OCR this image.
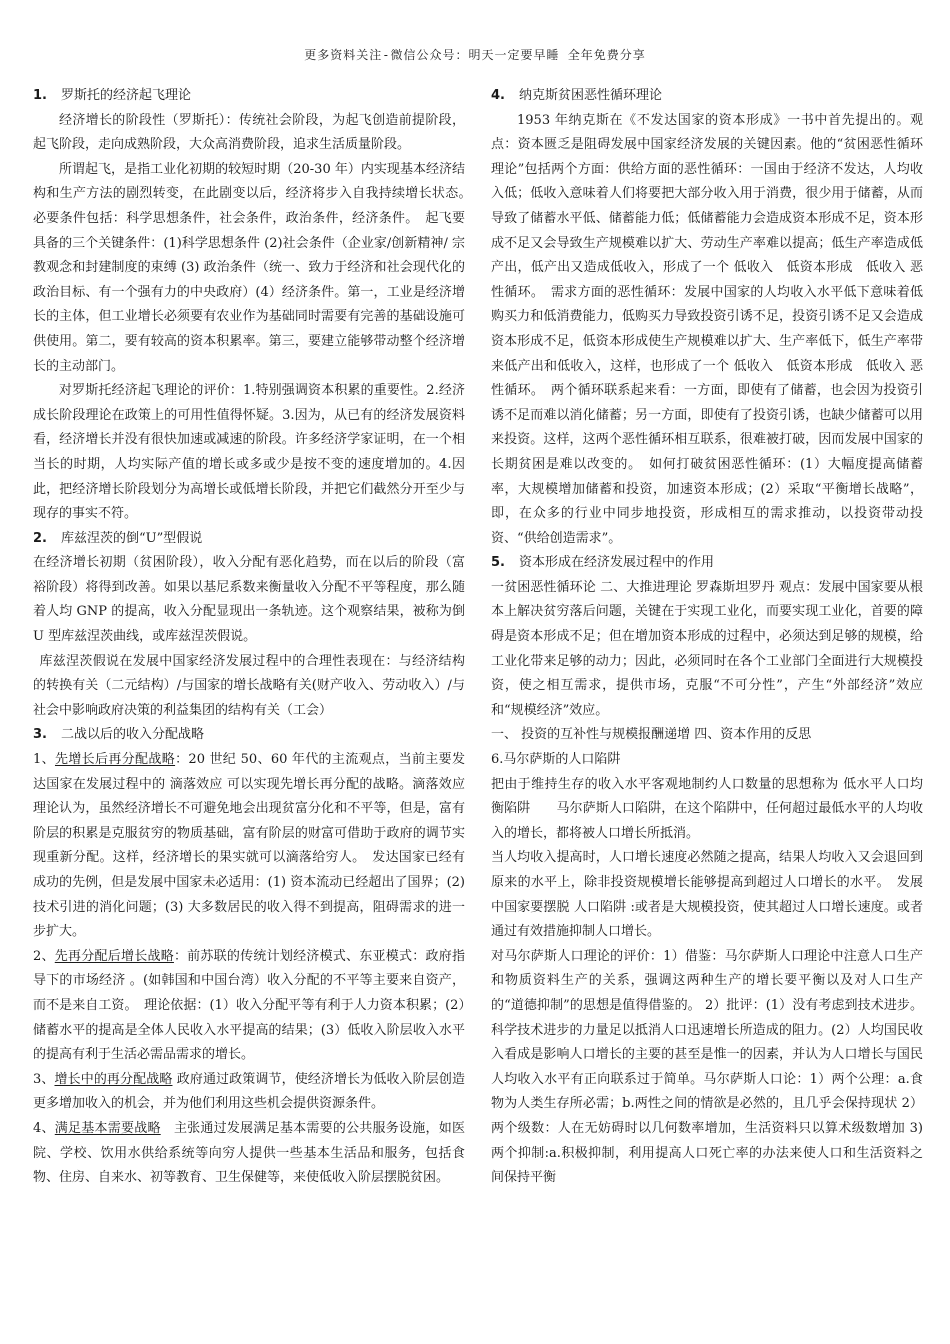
更多资料关注-微信公众号：明天一定要早睡 全年免费分享

1. 罗斯托的经济起飞理论

经济增长的阶段性（罗斯托）：传统社会阶段，为起飞创造前提阶段，起飞阶段，走向成熟阶段，大众高消费阶段，追求生活质量阶段。

所谓起飞，是指工业化初期的较短时期（20-30 年）内实现基本经济结构和生产方法的剧烈转变，在此剧变以后，经济将步入自我持续增长状态。　必要条件包括：科学思想条件，社会条件，政治条件，经济条件。　起飞要具备的三个关键条件：(1)科学思想条件 (2)社会条件（企业家/创新精神/ 宗教观念和封建制度的束缚 (3) 政治条件（统一、致力于经济和社会现代化的政治目标、有一个强有力的中央政府）(4）经济条件。第一，工业是经济增长的主体，但工业增长必须要有农业作为基础同时需要有完善的基础设施可供使用。第二，要有较高的资本积累率。第三，要建立能够带动整个经济增长的主动部门。

对罗斯托经济起飞理论的评价：1.特别强调资本积累的重要性。2.经济成长阶段理论在政策上的可用性值得怀疑。3.因为，从已有的经济发展资料看，经济增长并没有很快加速或减速的阶段。许多经济学家证明，在一个相当长的时期，人均实际产值的增长或多或少是按不变的速度增加的。4.因此，把经济增长阶段划分为高增长或低增长阶段，并把它们截然分开至少与现存的事实不符。

2. 库兹涅茨的倒“U”型假说

在经济增长初期（贫困阶段），收入分配有恶化趋势，而在以后的阶段（富裕阶段）将得到改善。如果以基尼系数来衡量收入分配不平等程度，那么随着人均 GNP 的提高，收入分配显现出一条轨迹。这个观察结果，被称为倒 U 型库兹涅茨曲线，或库兹涅茨假说。

库兹涅茨假说在发展中国家经济发展过程中的合理性表现在：与经济结构的转换有关（二元结构）/与国家的增长战略有关(财产收入、劳动收入）/与社会中影响政府决策的利益集团的结构有关（工会）

3. 二战以后的收入分配战略

1、先增长后再分配战略：20 世纪 50、60 年代的主流观点，当前主要发达国家在发展过程中的 滴落效应 可以实现先增长再分配的战略。滴落效应理论认为，虽然经济增长不可避免地会出现贫富分化和不平等，但是，富有阶层的积累是克服贫穷的物质基础，富有阶层的财富可借助于政府的调节实现重新分配。这样，经济增长的果实就可以滴落给穷人。　发达国家已经有成功的先例，但是发展中国家未必适用：(1) 资本流动已经超出了国界；(2) 技术引进的消化问题；(3) 大多数居民的收入得不到提高，阻碍需求的进一步扩大。

2、先再分配后增长战略：前苏联的传统计划经济模式、东亚模式：政府指导下的市场经济 。(如韩国和中国台湾）收入分配的不平等主要来自资产，而不是来自工资。　理论依据：(1）收入分配平等有利于人力资本积累；(2）储蓄水平的提高是全体人民收入水平提高的结果；(3）低收入阶层收入水平的提高有利于生活必需品需求的增长。

3、增长中的再分配战略 政府通过政策调节，使经济增长为低收入阶层创造更多增加收入的机会，并为他们利用这些机会提供资源条件。

4、满足基本需要战略　主张通过发展满足基本需要的公共服务设施，如医院、学校、饮用水供给系统等向穷人提供一些基本生活品和服务，包括食物、住房、自来水、初等教育、卫生保健等，来使低收入阶层摆脱贫困。

4. 纳克斯贫困恶性循环理论

1953 年纳克斯在《不发达国家的资本形成》一书中首先提出的。观点：资本匮乏是阻碍发展中国家经济发展的关键因素。他的“贫困恶性循环理论”包括两个方面：供给方面的恶性循环：一国由于经济不发达，人均收入低；低收入意味着人们将要把大部分收入用于消费，很少用于储蓄，从而导致了储蓄水平低、储蓄能力低；低储蓄能力会造成资本形成不足，资本形成不足又会导致生产规模难以扩大、劳动生产率难以提高；低生产率造成低产出，低产出又造成低收入，形成了一个 低收入　低资本形成　低收入 恶性循环。　需求方面的恶性循环：发展中国家的人均收入水平低下意味着低购买力和低消费能力，低购买力导致投资引诱不足，投资引诱不足又会造成资本形成不足，低资本形成使生产规模难以扩大、生产率低下，低生产率带来低产出和低收入，这样，也形成了一个 低收入　低资本形成　低收入 恶性循环。　两个循环联系起来看：一方面，即使有了储蓄，也会因为投资引诱不足而难以消化储蓄；另一方面，即使有了投资引诱，也缺少储蓄可以用来投资。这样，这两个恶性循环相互联系，很难被打破，因而发展中国家的长期贫困是难以改变的。　如何打破贫困恶性循环：(1）大幅度提高储蓄率，大规模增加储蓄和投资，加速资本形成；(2）采取“平衡增长战略”，即，在众多的行业中同步地投资，形成相互的需求推动，以投资带动投资、“供给创造需求”。

5. 资本形成在经济发展过程中的作用

一贫困恶性循环论 二、大推进理论 罗森斯坦罗丹 观点：发展中国家要从根本上解决贫穷落后问题，关键在于实现工业化，而要实现工业化，首要的障碍是资本形成不足；但在增加资本形成的过程中，必须达到足够的规模，给工业化带来足够的动力；因此，必须同时在各个工业部门全面进行大规模投资，使之相互需求，提供市场，克服“不可分性”，产生“外部经济”效应和“规模经济”效应。

一、 投资的互补性与规模报酬递增 四、资本作用的反思

6.马尔萨斯的人口陷阱

把由于维持生存的收入水平客观地制约人口数量的思想称为 低水平人口均衡陷阱　　马尔萨斯人口陷阱，在这个陷阱中，任何超过最低水平的人均收入的增长，都将被人口增长所抵消。

当人均收入提高时，人口增长速度必然随之提高，结果人均收入又会退回到原来的水平上，除非投资规模增长能够提高到超过人口增长的水平。　发展中国家要摆脱 人口陷阱 :或者是大规模投资，使其超过人口增长速度。或者通过有效措施抑制人口增长。

对马尔萨斯人口理论的评价：1）借鉴：马尔萨斯人口理论中注意人口生产和物质资料生产的关系，强调这两种生产的增长要平衡以及对人口生产的“道德抑制”的思想是值得借鉴的。 2）批评：(1）没有考虑到技术进步。科学技术进步的力量足以抵消人口迅速增长所造成的阻力。(2）人均国民收入看成是影响人口增长的主要的甚至是惟一的因素，并认为人口增长与国民人均收入水平有正向联系过于简单。马尔萨斯人口论：1）两个公理：a.食物为人类生存所必需；b.两性之间的情欲是必然的，且几乎会保持现状 2）两个级数：人在无妨碍时以几何数率增加，生活资料只以算术级数增加 3)两个抑制:a.积极抑制，利用提高人口死亡率的办法来使人口和生活资料之间保持平衡
